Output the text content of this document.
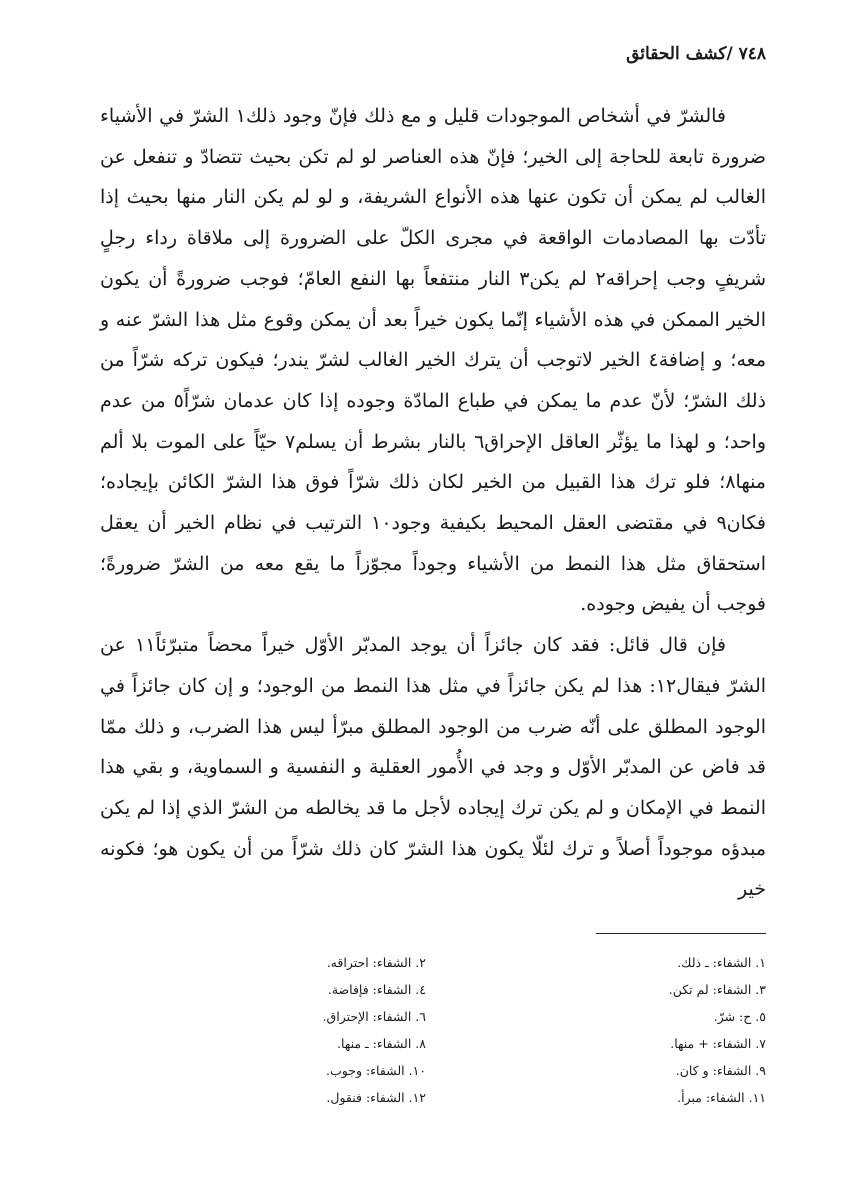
٧٤٨ /كشف الحقائق

فالشرّ في أشخاص الموجودات قليل و مع ذلك فإنّ وجود ذلك١ الشرّ في الأشياء ضرورة تابعة للحاجة إلى الخير؛ فإنّ هذه العناصر لو لم تكن بحيث تتضادّ و تنفعل عن الغالب لم يمكن أن تكون عنها هذه الأنواع الشريفة، و لو لم يكن النار منها بحيث إذا تأدّت بها المصادمات الواقعة في مجرى الكلّ على الضرورة إلى ملاقاة رداء رجلٍ شريفٍ وجب إحراقه٢ لم يكن٣ النار منتفعاً بها النفع العامّ؛ فوجب ضرورةً أن يكون الخير الممكن في هذه الأشياء إنّما يكون خيراً بعد أن يمكن وقوع مثل هذا الشرّ عنه و معه؛ و إضافة٤ الخير لاتوجب أن يترك الخير الغالب لشرّ يندر؛ فيكون تركه شرّاً من ذلك الشرّ؛ لأنّ عدم ما يمكن في طباع المادّة وجوده إذا كان عدمان شرّاً٥ من عدم واحد؛ و لهذا ما يؤثّر العاقل الإحراق٦ بالنار بشرط أن يسلم٧ حيّاً على الموت بلا ألم منها٨؛ فلو ترك هذا القبيل من الخير لكان ذلك شرّاً فوق هذا الشرّ الكائن بإيجاده؛ فكان٩ في مقتضى العقل المحيط بكيفية وجود١٠ الترتيب في نظام الخير أن يعقل استحقاق مثل هذا النمط من الأشياء وجوداً مجوّزاً ما يقع معه من الشرّ ضرورةً؛ فوجب أن يفيض وجوده.

فإن قال قائل: فقد كان جائزاً أن يوجد المدبّر الأوّل خيراً محضاً متبرّئاً١١ عن الشرّ فيقال١٢: هذا لم يكن جائزاً في مثل هذا النمط من الوجود؛ و إن كان جائزاً في الوجود المطلق على أنّه ضرب من الوجود المطلق مبرّأ ليس هذا الضرب، و ذلك ممّا قد فاض عن المدبّر الأوّل و وجد في الأُمور العقلية و النفسية و السماوية، و بقي هذا النمط في الإمكان و لم يكن ترك إيجاده لأجل ما قد يخالطه من الشرّ الذي إذا لم يكن مبدؤه موجوداً أصلاً و ترك لئلّا يكون هذا الشرّ كان ذلك شرّاً من أن يكون هو؛ فكونه خير

١. الشفاء: ـ ذلك.
٢. الشفاء: احتراقه.
٣. الشفاء: لم تكن.
٤. الشفاء: فإفاضة.
٥. ح: شرّ.
٦. الشفاء: الإحتراق.
٧. الشفاء: + منها.
٨. الشفاء: ـ منها.
٩. الشفاء: و كان.
١٠. الشفاء: وجوب.
١١. الشفاء: مبرأ.
١٢. الشفاء: فنقول.
